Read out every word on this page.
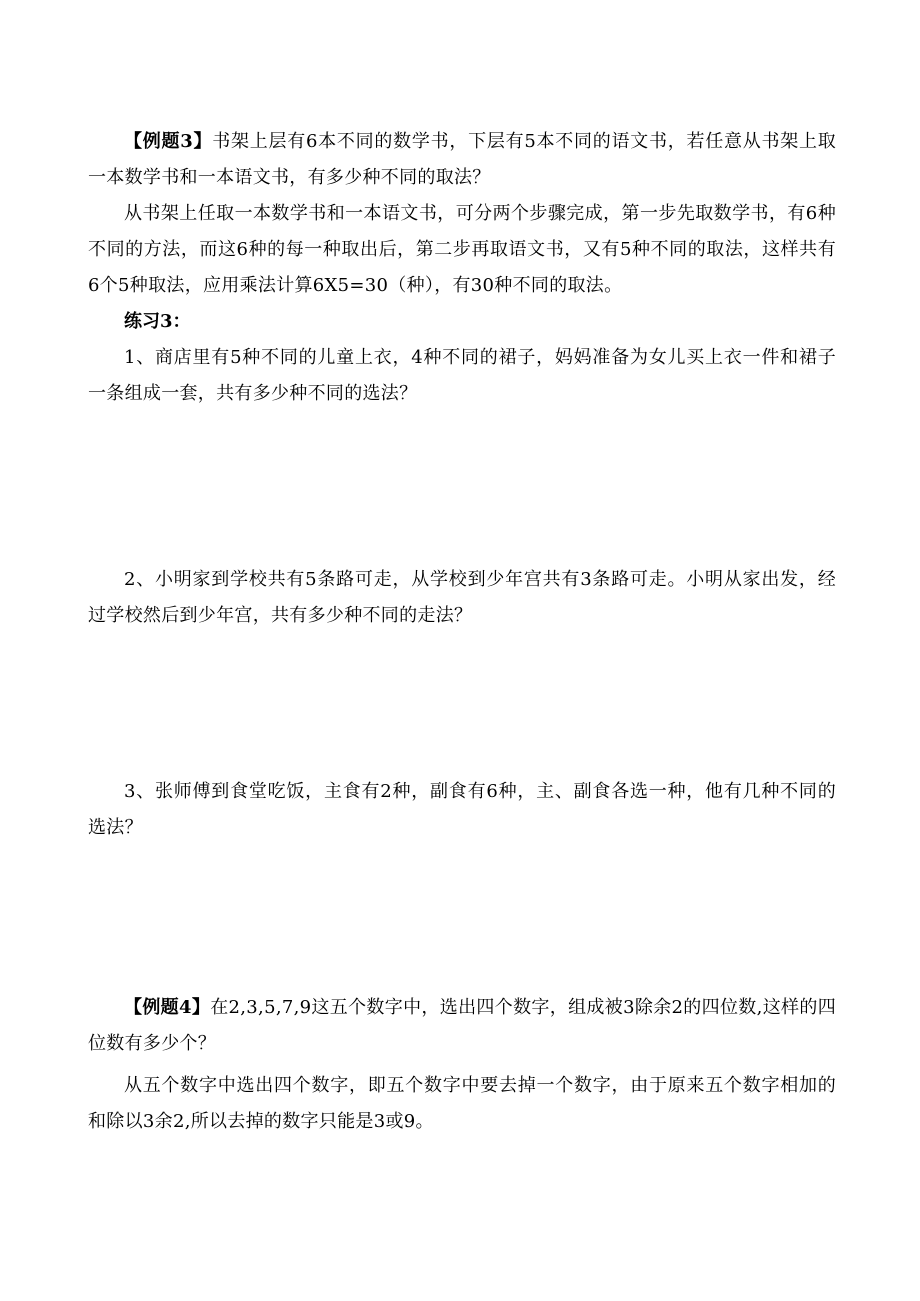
【例题3】书架上层有6本不同的数学书，下层有5本不同的语文书，若任意从书架上取一本数学书和一本语文书，有多少种不同的取法？

从书架上任取一本数学书和一本语文书，可分两个步骤完成，第一步先取数学书，有6种不同的方法，而这6种的每一种取出后，第二步再取语文书，又有5种不同的取法，这样共有6个5种取法，应用乘法计算6X5=30（种），有30种不同的取法。

练习3：

1、商店里有5种不同的儿童上衣，4种不同的裙子，妈妈准备为女儿买上衣一件和裙子一条组成一套，共有多少种不同的选法？

2、小明家到学校共有5条路可走，从学校到少年宫共有3条路可走。小明从家出发，经过学校然后到少年宫，共有多少种不同的走法？

3、张师傅到食堂吃饭，主食有2种，副食有6种，主、副食各选一种，他有几种不同的选法？

【例题4】在2,3,5,7,9这五个数字中，选出四个数字，组成被3除余2的四位数,这样的四位数有多少个？

从五个数字中选出四个数字，即五个数字中要去掉一个数字，由于原来五个数字相加的和除以3余2,所以去掉的数字只能是3或9。
